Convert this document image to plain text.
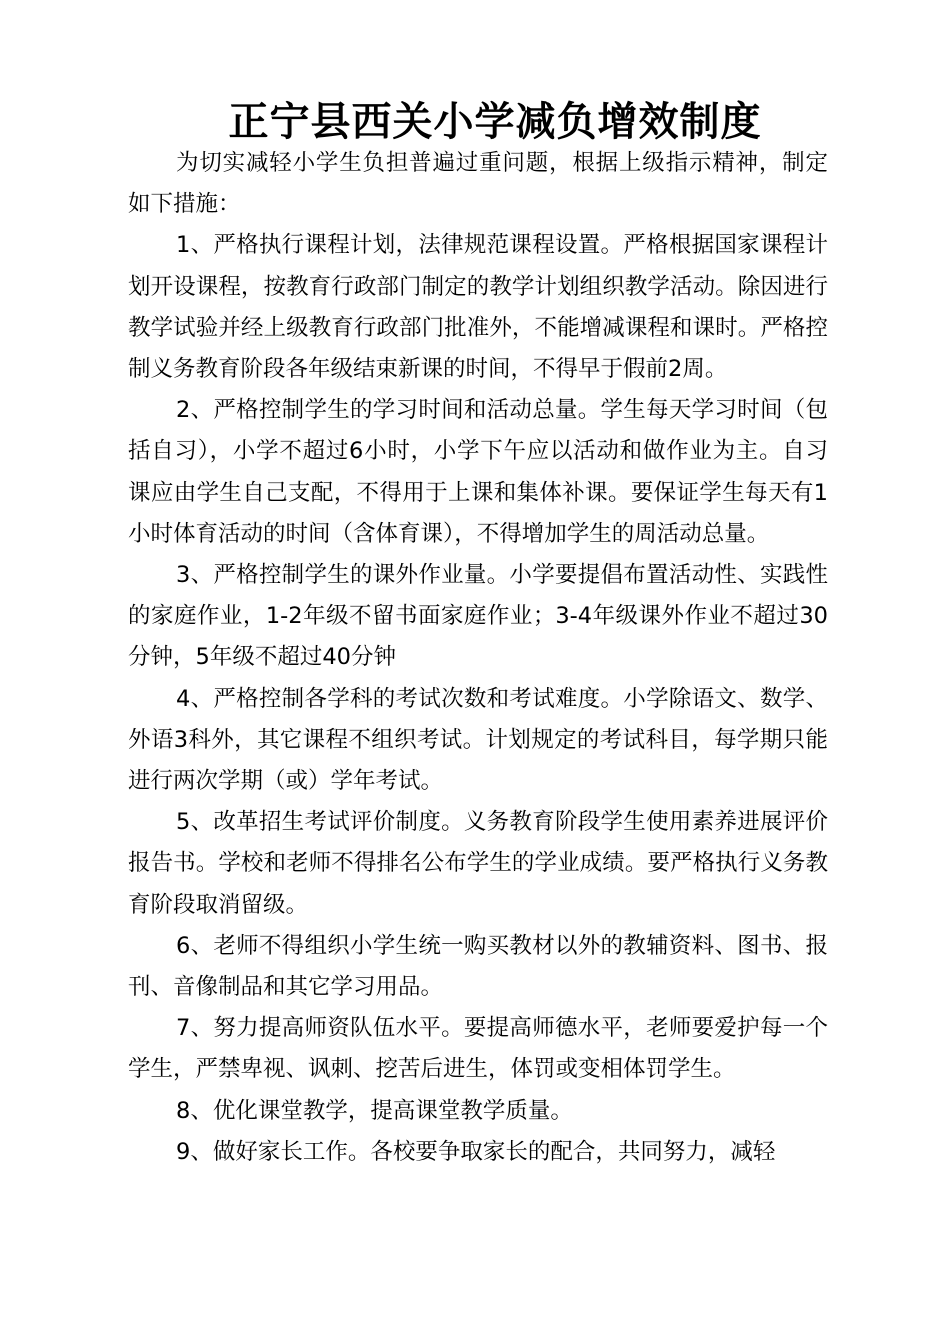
正宁县西关小学减负增效制度

为切实减轻小学生负担普遍过重问题，根据上级指示精神，制定如下措施：

1、严格执行课程计划，法律规范课程设置。严格根据国家课程计划开设课程，按教育行政部门制定的教学计划组织教学活动。除因进行教学试验并经上级教育行政部门批准外，不能增减课程和课时。严格控制义务教育阶段各年级结束新课的时间，不得早于假前2周。

2、严格控制学生的学习时间和活动总量。学生每天学习时间（包括自习），小学不超过6小时，小学下午应以活动和做作业为主。自习课应由学生自己支配，不得用于上课和集体补课。要保证学生每天有1 小时体育活动的时间（含体育课），不得增加学生的周活动总量。

3、严格控制学生的课外作业量。小学要提倡布置活动性、实践性的家庭作业，1-2年级不留书面家庭作业；3-4年级课外作业不超过30分钟，5年级不超过40分钟

4、严格控制各学科的考试次数和考试难度。小学除语文、数学、外语3科外，其它课程不组织考试。计划规定的考试科目，每学期只能进行两次学期（或）学年考试。

5、改革招生考试评价制度。义务教育阶段学生使用素养进展评价报告书。学校和老师不得排名公布学生的学业成绩。要严格执行义务教育阶段取消留级。

6、老师不得组织小学生统一购买教材以外的教辅资料、图书、报刊、音像制品和其它学习用品。

7、努力提高师资队伍水平。要提高师德水平，老师要爱护每一个学生，严禁卑视、讽刺、挖苦后进生，体罚或变相体罚学生。

8、优化课堂教学，提高课堂教学质量。

9、做好家长工作。各校要争取家长的配合，共同努力，减轻
